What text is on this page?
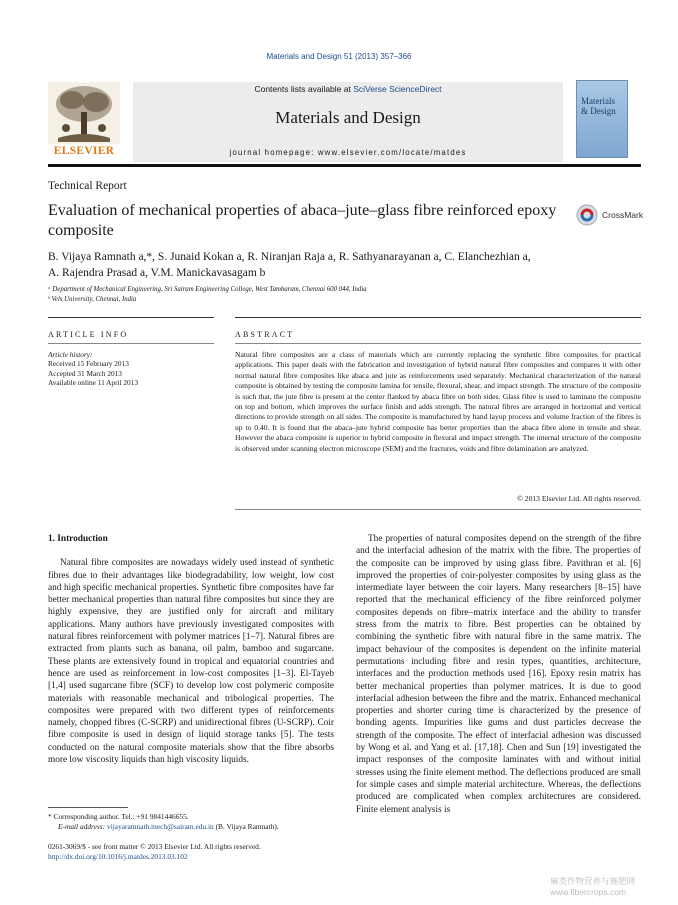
Materials and Design 51 (2013) 357–366
ELSEVIER
Contents lists available at SciVerse ScienceDirect
Materials and Design
journal homepage: www.elsevier.com/locate/matdes
Materials
& Design
Technical Report
Evaluation of mechanical properties of abaca–jute–glass fibre reinforced epoxy composite
CrossMark
B. Vijaya Ramnath a,*, S. Junaid Kokan a, R. Niranjan Raja a, R. Sathyanarayanan a, C. Elanchezhian a,
A. Rajendra Prasad a, V.M. Manickavasagam b
ᵃ Department of Mechanical Engineering, Sri Sairam Engineering College, West Tambaram, Chennai 600 044, India
ᵇ Vels University, Chennai, India
ARTICLE INFO	ABSTRACT
Article history:
Received 15 February 2013
Accepted 31 March 2013
Available online 11 April 2013
Natural fibre composites are a class of materials which are currently replacing the synthetic fibre composites for practical applications. This paper deals with the fabrication and investigation of hybrid natural fibre composites and compares it with other normal natural fibre composites like abaca and jute as reinforcements used separately. Mechanical characterization of the natural composite is obtained by testing the composite lamina for tensile, flexural, shear, and impact strength. The structure of the composite is such that, the jute fibre is present at the center flanked by abaca fibre on both sides. Glass fibre is used to laminate the composite on top and bottom, which improves the surface finish and adds strength. The natural fibres are arranged in horizontal and vertical directions to provide strength on all sides. The composite is manufactured by hand layup process and volume fraction of the fibres is up to 0.40. It is found that the abaca–jute hybrid composite has better properties than the abaca fibre alone in tensile and shear. However the abaca composite is superior to hybrid composite in flexural and impact strength. The internal structure of the composite is observed under scanning electron microscope (SEM) and the fractures, voids and fibre delamination are analyzed.
© 2013 Elsevier Ltd. All rights reserved.
1. Introduction

Natural fibre composites are nowadays widely used instead of synthetic fibres due to their advantages like biodegradability, low weight, low cost and high specific mechanical properties. Synthetic fibre composites have far better mechanical properties than natural fibre composites but since they are highly expensive, they are justified only for aircraft and military applications. Many authors have previously investigated composites with natural fibres reinforcement with polymer matrices [1–7]. Natural fibres are extracted from plants such as banana, oil palm, bamboo and sugarcane. These plants are extensively found in tropical and equatorial countries and hence are used as reinforcement in low-cost composites [1–3]. El-Tayeb [1,4] used sugarcane fibre (SCF) to develop low cost polymeric composite materials with reasonable mechanical and tribological properties. The composites were prepared with two different types of reinforcements namely, chopped fibres (C-SCRP) and unidirectional fibres (U-SCRP). Coir fibre composite is used in design of liquid storage tanks [5]. The tests conducted on the natural composite materials show that the fibre absorbs more low viscosity liquids than high viscosity liquids.

The properties of natural composites depend on the strength of the fibre and the interfacial adhesion of the matrix with the fibre. The properties of the composite can be improved by using glass fibre. Pavithran et al. [6] improved the properties of coir-polyester composites by using glass as the intermediate layer between the coir layers. Many researchers [8–15] have reported that the mechanical efficiency of the fibre reinforced polymer composites depends on fibre–matrix interface and the ability to transfer stress from the matrix to fibre. Best properties can be obtained by combining the synthetic fibre with natural fibre in the same matrix. The impact behaviour of the composites is dependent on the infinite material permutations including fibre and resin types, quantities, architecture, interfaces and the production methods used [16]. Epoxy resin matrix has better mechanical properties than polymer matrices. It is due to good interfacial adhesion between the fibre and the matrix. Enhanced mechanical properties and shorter curing time is characterized by the presence of bonding agents. Impurities like gums and dust particles decrease the strength of the composite. The effect of interfacial adhesion was discussed by Wong et al. and Yang et al. [17,18]. Chen and Sun [19] investigated the impact responses of the composite laminates with and without initial stresses using the finite element method. The deflections produced are small for simple cases and simple material architecture. Whereas, the deflections produced are complicated when complex architectures are considered. Finite element analysis is

* Corresponding author. Tel.: +91 9841446655.
E-mail address: vijayaramnath.mech@sairam.edu.in (B. Vijaya Ramnath).
0261-3069/$ - see front matter © 2013 Elsevier Ltd. All rights reserved.
http://dx.doi.org/10.1016/j.matdes.2013.03.102
麻类作物营养与施肥网
www.fibercrops.com
